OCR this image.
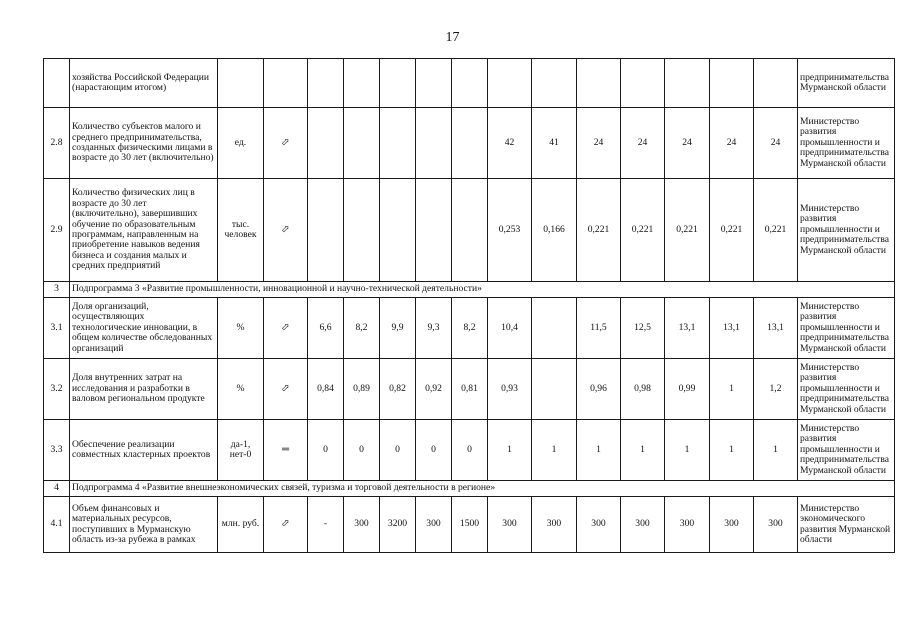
17
	хозяйства Российской Федерации (нарастающим итогом)															предпринимательства Мурманской области
2.8	Количество субъектов малого и среднего предпринимательства, созданных физическими лицами в возрасте до 30 лет (включительно)	ед.	⬀						42	41	24	24	24	24	24	Министерство развития промышленности и предпринимательства Мурманской области
2.9	Количество физических лиц в возрасте до 30 лет (включительно), завершивших обучение по образовательным программам, направленным на приобретение навыков ведения бизнеса и создания малых и средних предприятий	тыс. человек	⬀						0,253	0,166	0,221	0,221	0,221	0,221	0,221	Министерство развития промышленности и предпринимательства Мурманской области
3	Подпрограмма 3 «Развитие промышленности, инновационной и научно-технической деятельности»															
3.1	Доля организаций, осуществляющих технологические инновации, в общем количестве обследованных организаций	%	⬀	6,6	8,2	9,9	9,3	8,2	10,4		11,5	12,5	13,1	13,1	13,1	Министерство развития промышленности и предпринимательства Мурманской области
3.2	Доля внутренних затрат на исследования и разработки в валовом региональном продукте	%	⬀	0,84	0,89	0,82	0,92	0,81	0,93		0,96	0,98	0,99	1	1,2	Министерство развития промышленности и предпринимательства Мурманской области
3.3	Обеспечение реализации совместных кластерных проектов	да-1, нет-0	═	0	0	0	0	0	1	1	1	1	1	1	1	Министерство развития промышленности и предпринимательства Мурманской области
4	Подпрограмма 4 «Развитие внешнеэкономических связей, туризма и торговой деятельности в регионе»															
4.1	Объем финансовых и материальных ресурсов, поступивших в Мурманскую область из-за рубежа в рамках	млн. руб.	⬀	-	300	3200	300	1500	300	300	300	300	300	300	300	Министерство экономического развития Мурманской области
